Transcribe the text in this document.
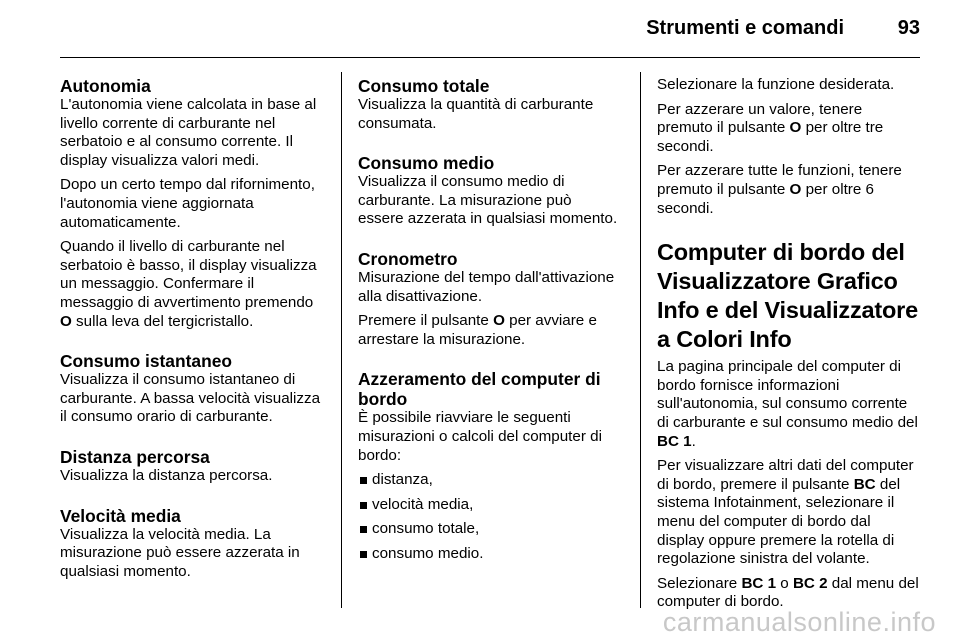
Strumenti e comandi	93
Autonomia

L'autonomia viene calcolata in base al livello corrente di carburante nel serbatoio e al consumo corrente. Il display visualizza valori medi.

Dopo un certo tempo dal rifornimento, l'autonomia viene aggiornata automaticamente.

Quando il livello di carburante nel serbatoio è basso, il display visualizza un messaggio. Confermare il messaggio di avvertimento premendo O sulla leva del tergicristallo.

Consumo istantaneo

Visualizza il consumo istantaneo di carburante. A bassa velocità visualizza il consumo orario di carburante.

Distanza percorsa

Visualizza la distanza percorsa.

Velocità media

Visualizza la velocità media. La misurazione può essere azzerata in qualsiasi momento.

Consumo totale

Visualizza la quantità di carburante consumata.

Consumo medio

Visualizza il consumo medio di carburante. La misurazione può essere azzerata in qualsiasi momento.

Cronometro

Misurazione del tempo dall'attivazione alla disattivazione.

Premere il pulsante O per avviare e arrestare la misurazione.

Azzeramento del computer di bordo

È possibile riavviare le seguenti misurazioni o calcoli del computer di bordo:

distanza,
velocità media,
consumo totale,
consumo medio.

Selezionare la funzione desiderata.

Per azzerare un valore, tenere premuto il pulsante O per oltre tre secondi.

Per azzerare tutte le funzioni, tenere premuto il pulsante O per oltre 6 secondi.

Computer di bordo del Visualizzatore Grafico Info e del Visualizzatore a Colori Info

La pagina principale del computer di bordo fornisce informazioni sull'autonomia, sul consumo corrente di carburante e sul consumo medio del BC 1.

Per visualizzare altri dati del computer di bordo, premere il pulsante BC del sistema Infotainment, selezionare il menu del computer di bordo dal display oppure premere la rotella di regolazione sinistra del volante.

Selezionare BC 1 o BC 2 dal menu del computer di bordo.

carmanualsonline.info
